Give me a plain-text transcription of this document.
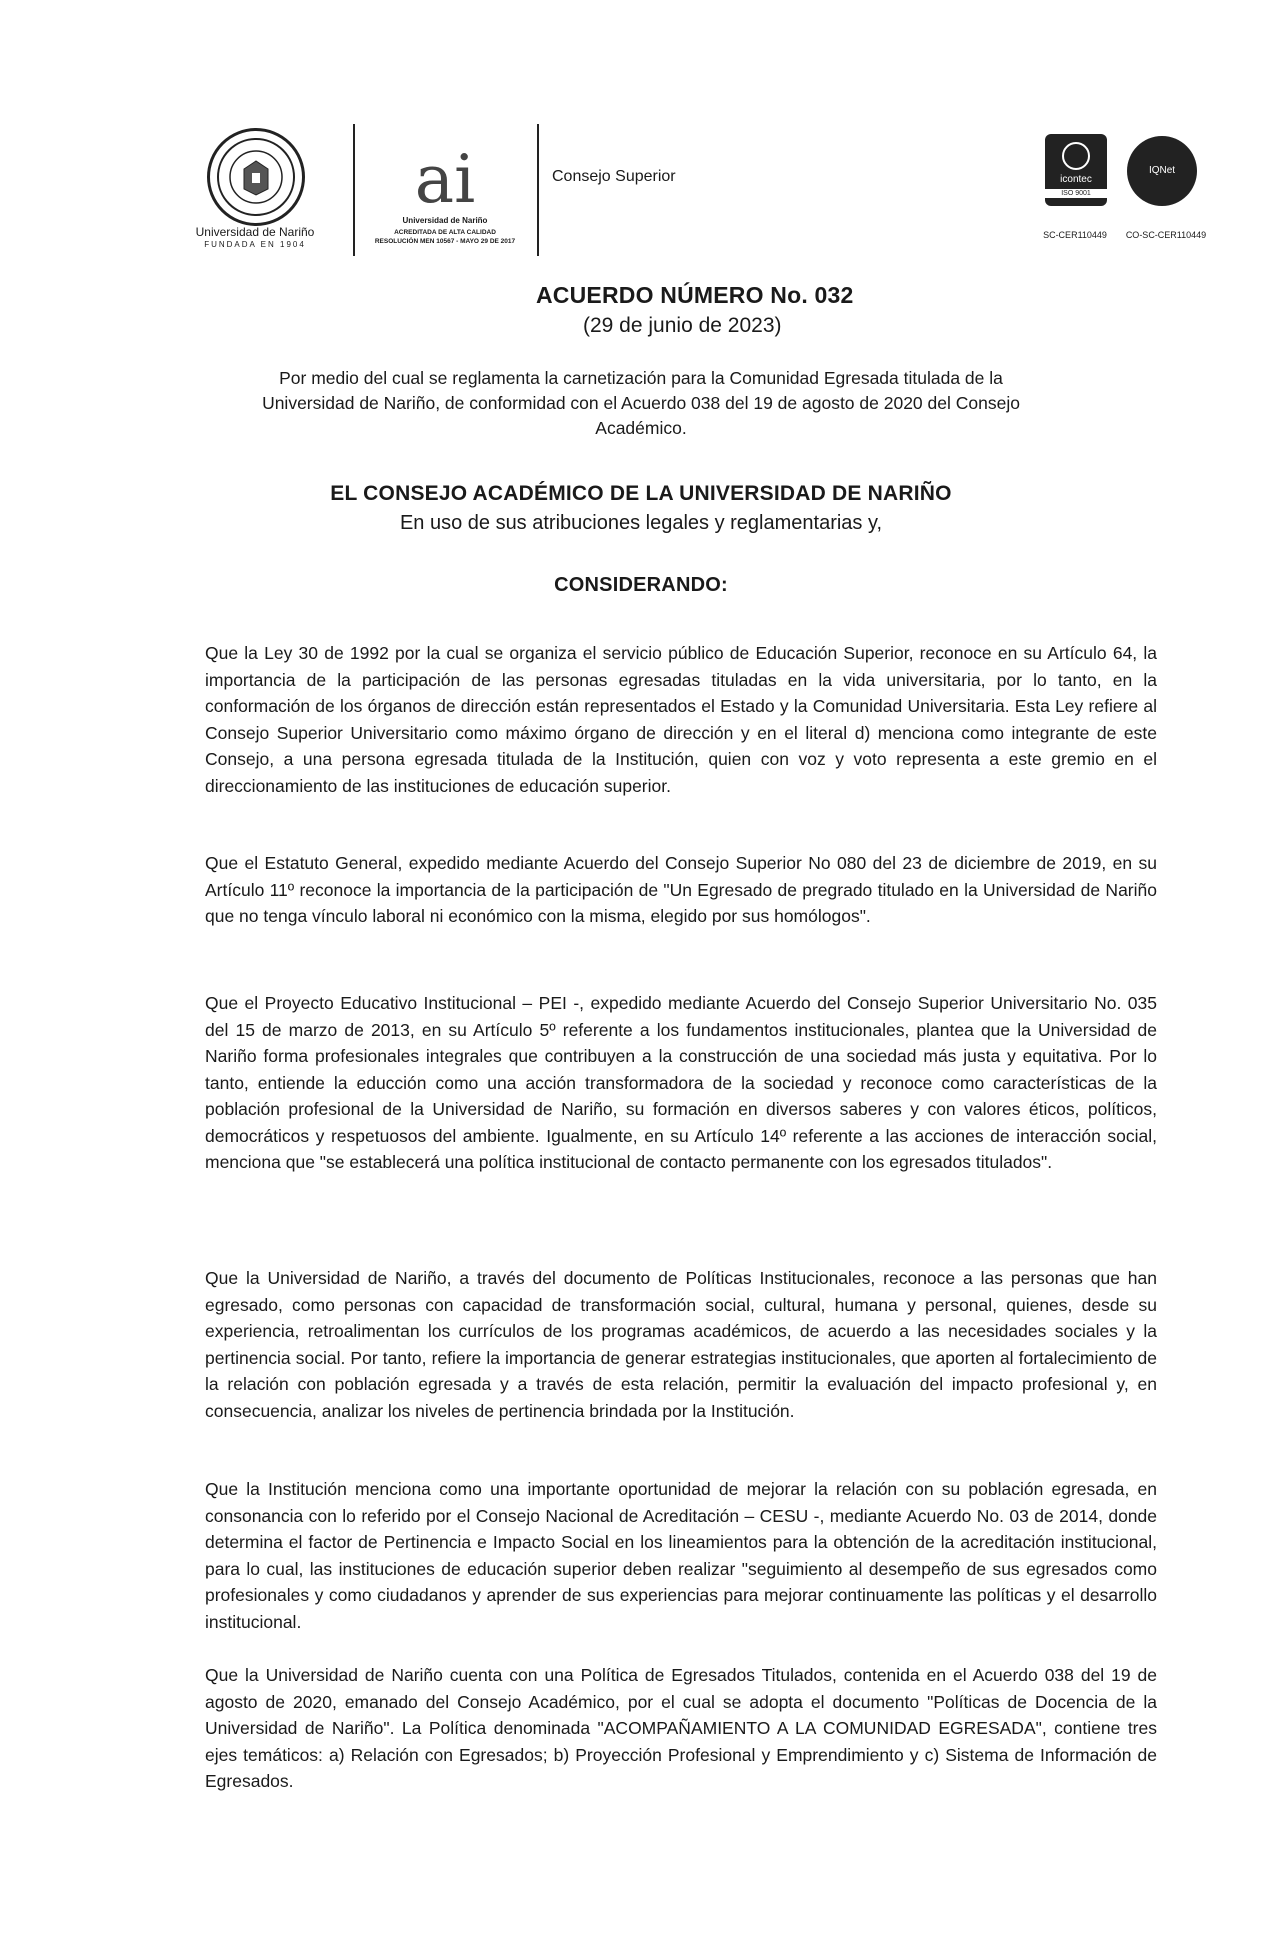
Universidad de Nariño
FUNDADA EN 1904
ai
Universidad de Nariño
ACREDITADA DE ALTA CALIDAD
RESOLUCIÓN MEN 10567 - MAYO 29 DE 2017
Consejo Superior	icontec
ISO 9001
IQNet
SC-CER110449	CO-SC-CER110449
ACUERDO NÚMERO No. 032
(29 de junio de 2023)
Por medio del cual se reglamenta la carnetización para la Comunidad Egresada titulada de la
Universidad de Nariño, de conformidad con el Acuerdo 038 del 19 de agosto de 2020 del Consejo
Académico.
EL CONSEJO ACADÉMICO DE LA UNIVERSIDAD DE NARIÑO
En uso de sus atribuciones legales y reglamentarias y,
CONSIDERANDO:
Que la Ley 30 de 1992 por la cual se organiza el servicio público de Educación Superior, reconoce en su Artículo 64, la importancia de la participación de las personas egresadas tituladas en la vida universitaria, por lo tanto, en la conformación de los órganos de dirección están representados el Estado y la Comunidad Universitaria. Esta Ley refiere al Consejo Superior Universitario como máximo órgano de dirección y en el literal d) menciona como integrante de este Consejo, a una persona egresada titulada de la Institución, quien con voz y voto representa a este gremio en el direccionamiento de las instituciones de educación superior.
Que el Estatuto General, expedido mediante Acuerdo del Consejo Superior No 080 del 23 de diciembre de 2019, en su Artículo 11º reconoce la importancia de la participación de "Un Egresado de pregrado titulado en la Universidad de Nariño que no tenga vínculo laboral ni económico con la misma, elegido por sus homólogos".
Que el Proyecto Educativo Institucional – PEI -, expedido mediante Acuerdo del Consejo Superior Universitario No. 035 del 15 de marzo de 2013, en su Artículo 5º referente a los fundamentos institucionales, plantea que la Universidad de Nariño forma profesionales integrales que contribuyen a la construcción de una sociedad más justa y equitativa. Por lo tanto, entiende la educción como una acción transformadora de la sociedad y reconoce como características de la población profesional de la Universidad de Nariño, su formación en diversos saberes y con valores éticos, políticos, democráticos y respetuosos del ambiente. Igualmente, en su Artículo 14º referente a las acciones de interacción social, menciona que "se establecerá una política institucional de contacto permanente con los egresados titulados".
Que la Universidad de Nariño, a través del documento de Políticas Institucionales, reconoce a las personas que han egresado, como personas con capacidad de transformación social, cultural, humana y personal, quienes, desde su experiencia, retroalimentan los currículos de los programas académicos, de acuerdo a las necesidades sociales y la pertinencia social. Por tanto, refiere la importancia de generar estrategias institucionales, que aporten al fortalecimiento de la relación con población egresada y a través de esta relación, permitir la evaluación del impacto profesional y, en consecuencia, analizar los niveles de pertinencia brindada por la Institución.
Que la Institución menciona como una importante oportunidad de mejorar la relación con su población egresada, en consonancia con lo referido por el Consejo Nacional de Acreditación – CESU -, mediante Acuerdo No. 03 de 2014, donde determina el factor de Pertinencia e Impacto Social en los lineamientos para la obtención de la acreditación institucional, para lo cual, las instituciones de educación superior deben realizar "seguimiento al desempeño de sus egresados como profesionales y como ciudadanos y aprender de sus experiencias para mejorar continuamente las políticas y el desarrollo institucional.
Que la Universidad de Nariño cuenta con una Política de Egresados Titulados, contenida en el Acuerdo 038 del 19 de agosto de 2020, emanado del Consejo Académico, por el cual se adopta el documento "Políticas de Docencia de la Universidad de Nariño". La Política denominada "ACOMPAÑAMIENTO A LA COMUNIDAD EGRESADA", contiene tres ejes temáticos: a) Relación con Egresados; b) Proyección Profesional y Emprendimiento y c) Sistema de Información de Egresados.
